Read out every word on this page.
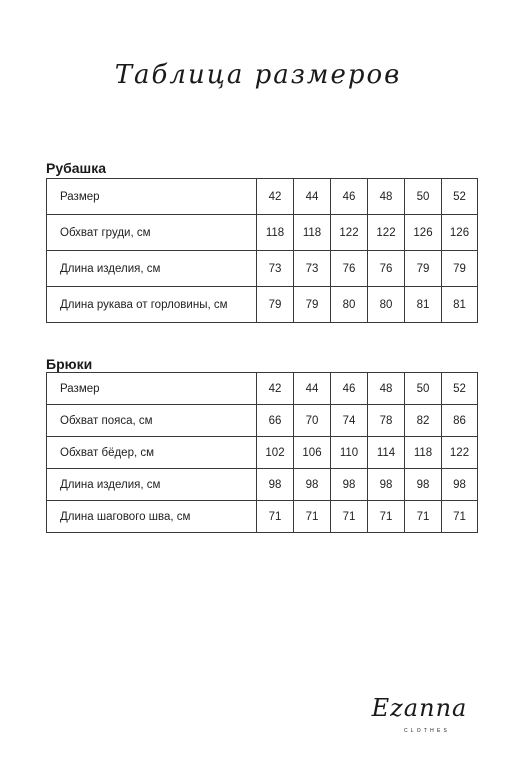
Таблица размеров
Рубашка
Размер	42	44	46	48	50	52
Обхват груди, см	118	118	122	122	126	126
Длина изделия, см	73	73	76	76	79	79
Длина рукава от горловины, см	79	79	80	80	81	81
Брюки
Размер	42	44	46	48	50	52
Обхват пояса, см	66	70	74	78	82	86
Обхват бёдер, см	102	106	110	114	118	122
Длина изделия, см	98	98	98	98	98	98
Длина шагового шва, см	71	71	71	71	71	71
Ezanna
CLOTHES
